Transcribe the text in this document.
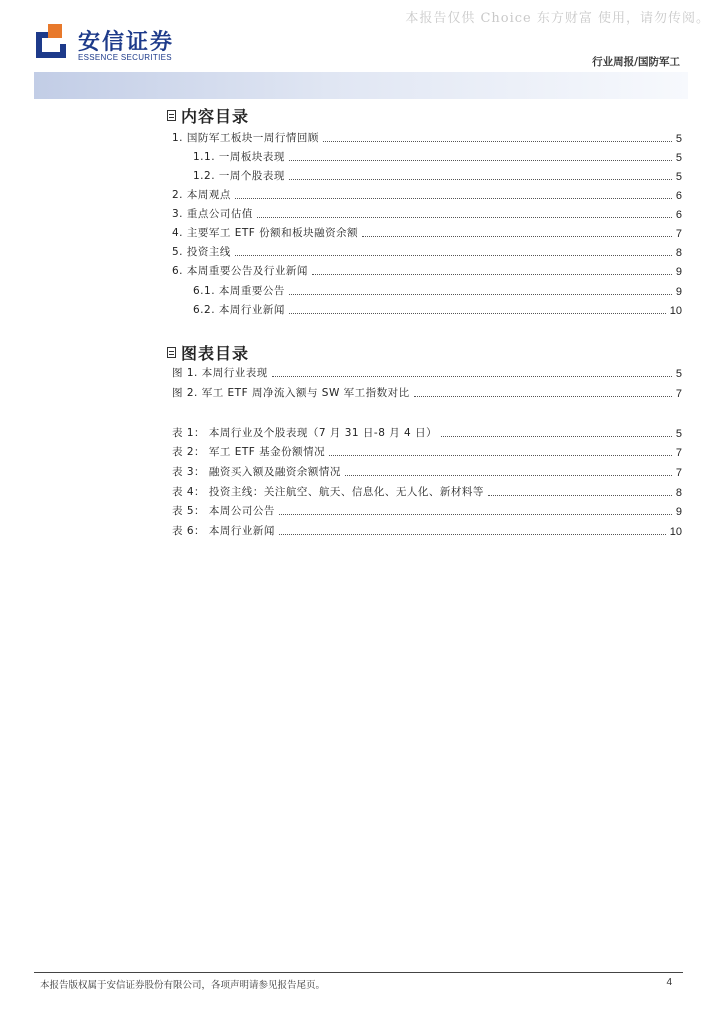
本报告仅供 Choice 东方财富 使用，请勿传阅。
安信证券
ESSENCE SECURITIES	行业周报/国防军工
内容目录
1. 国防军工板块一周行情回顾	5
1.1. 一周板块表现	5
1.2. 一周个股表现	5
2. 本周观点	6
3. 重点公司估值	6
4. 主要军工 ETF 份额和板块融资余额	7
5. 投资主线	8
6. 本周重要公告及行业新闻	9
6.1. 本周重要公告	9
6.2. 本周行业新闻	10
图表目录
图 1. 本周行业表现	5
图 2. 军工 ETF 周净流入额与 SW 军工指数对比	7
表 1： 本周行业及个股表现（7 月 31 日-8 月 4 日）	5
表 2： 军工 ETF 基金份额情况	7
表 3： 融资买入额及融资余额情况	7
表 4： 投资主线：关注航空、航天、信息化、无人化、新材料等	8
表 5： 本周公司公告	9
表 6： 本周行业新闻	10
本报告版权属于安信证券股份有限公司，各项声明请参见报告尾页。	4
